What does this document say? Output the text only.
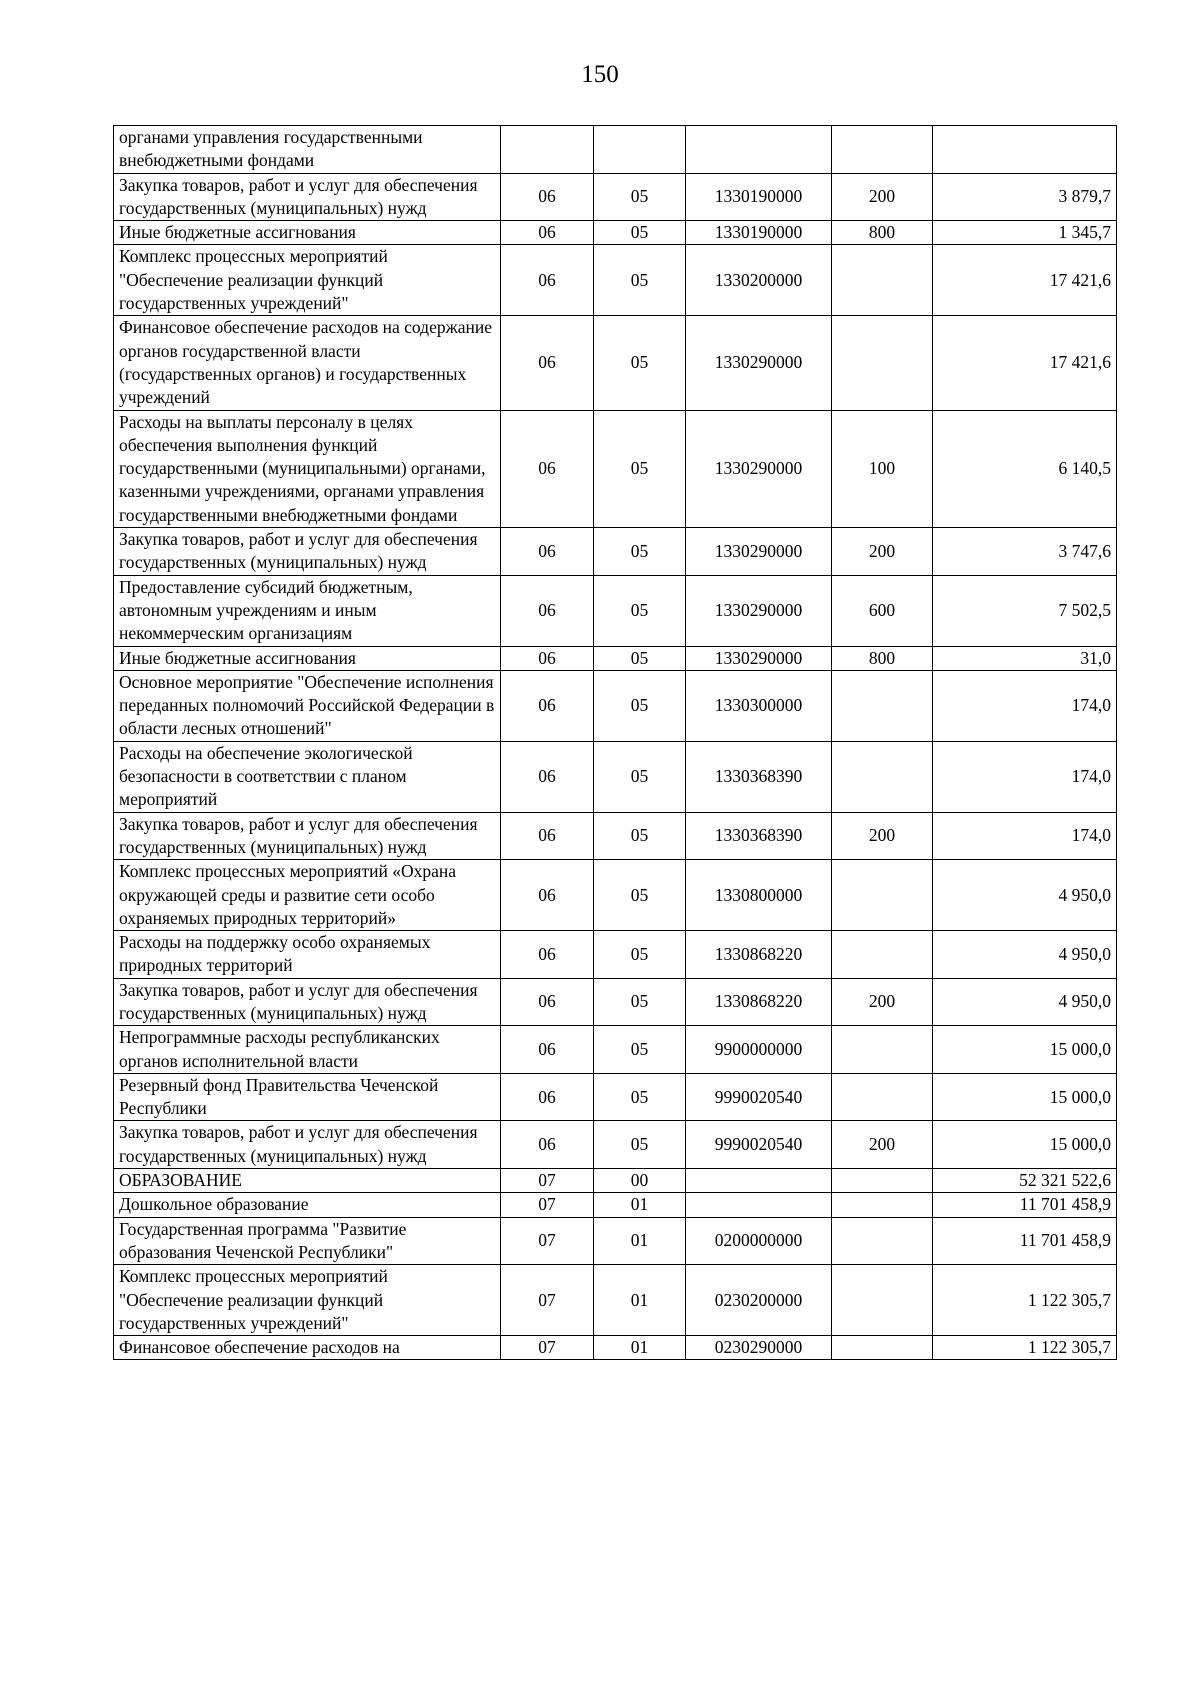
150
органами управления государственными внебюджетными фондами					
Закупка товаров, работ и услуг для обеспечения государственных (муниципальных) нужд	06	05	1330190000	200	3 879,7
Иные бюджетные ассигнования	06	05	1330190000	800	1 345,7
Комплекс процессных мероприятий "Обеспечение реализации функций государственных учреждений"	06	05	1330200000		17 421,6
Финансовое обеспечение расходов на содержание органов государственной власти (государственных органов) и государственных учреждений	06	05	1330290000		17 421,6
Расходы на выплаты персоналу в целях обеспечения выполнения функций государственными (муниципальными) органами, казенными учреждениями, органами управления государственными внебюджетными фондами	06	05	1330290000	100	6 140,5
Закупка товаров, работ и услуг для обеспечения государственных (муниципальных) нужд	06	05	1330290000	200	3 747,6
Предоставление субсидий бюджетным, автономным учреждениям и иным некоммерческим организациям	06	05	1330290000	600	7 502,5
Иные бюджетные ассигнования	06	05	1330290000	800	31,0
Основное мероприятие "Обеспечение исполнения переданных полномочий Российской Федерации в области лесных отношений"	06	05	1330300000		174,0
Расходы на обеспечение экологической безопасности в соответствии с планом мероприятий	06	05	1330368390		174,0
Закупка товаров, работ и услуг для обеспечения государственных (муниципальных) нужд	06	05	1330368390	200	174,0
Комплекс процессных мероприятий «Охрана окружающей среды и развитие сети особо охраняемых природных территорий»	06	05	1330800000		4 950,0
Расходы на поддержку особо охраняемых природных территорий	06	05	1330868220		4 950,0
Закупка товаров, работ и услуг для обеспечения государственных (муниципальных) нужд	06	05	1330868220	200	4 950,0
Непрограммные расходы республиканских органов исполнительной власти	06	05	9900000000		15 000,0
Резервный фонд Правительства Чеченской Республики	06	05	9990020540		15 000,0
Закупка товаров, работ и услуг для обеспечения государственных (муниципальных) нужд	06	05	9990020540	200	15 000,0
ОБРАЗОВАНИЕ	07	00			52 321 522,6
Дошкольное образование	07	01			11 701 458,9
Государственная программа "Развитие образования Чеченской Республики"	07	01	0200000000		11 701 458,9
Комплекс процессных мероприятий "Обеспечение реализации функций государственных учреждений"	07	01	0230200000		1 122 305,7
Финансовое обеспечение расходов на	07	01	0230290000		1 122 305,7
